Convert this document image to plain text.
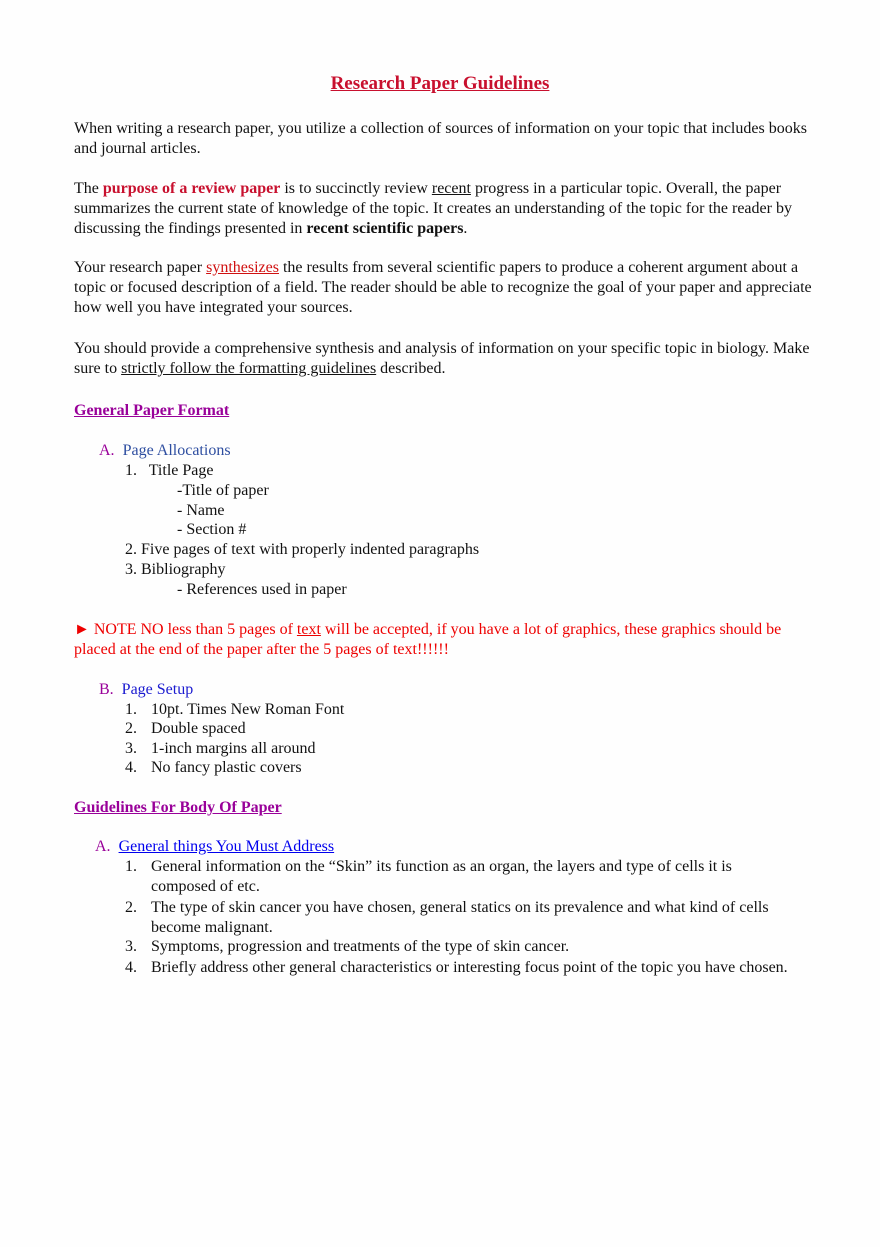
Research Paper Guidelines
When writing a research paper, you utilize a collection of sources of information on your topic that includes books and journal articles.
The purpose of a review paper is to succinctly review recent progress in a particular topic. Overall, the paper summarizes the current state of knowledge of the topic. It creates an understanding of the topic for the reader by discussing the findings presented in recent scientific papers.
Your research paper synthesizes the results from several scientific papers to produce a coherent argument about a topic or focused description of a field. The reader should be able to recognize the goal of your paper and appreciate how well you have integrated your sources.
You should provide a comprehensive synthesis and analysis of information on your specific topic in biology. Make sure to strictly follow the formatting guidelines described.
General Paper Format
A. Page Allocations
1.   Title Page
-Title of paper
- Name
- Section #
2. Five pages of text with properly indented paragraphs
3. Bibliography
- References used in paper
► NOTE NO less than 5 pages of text will be accepted, if you have a lot of graphics, these graphics should be placed at the end of the paper after the 5 pages of text!!!!!!
B. Page Setup
1. 10pt. Times New Roman Font
2. Double spaced
3. 1-inch margins all around
4. No fancy plastic covers
Guidelines For Body Of Paper
A. General things You Must Address
1. General information on the “Skin” its function as an organ, the layers and type of cells it is composed of etc.
2. The type of skin cancer you have chosen, general statics on its prevalence and what kind of cells become malignant.
3. Symptoms, progression and treatments of the type of skin cancer.
4. Briefly address other general characteristics or interesting focus point of the topic you have chosen.
